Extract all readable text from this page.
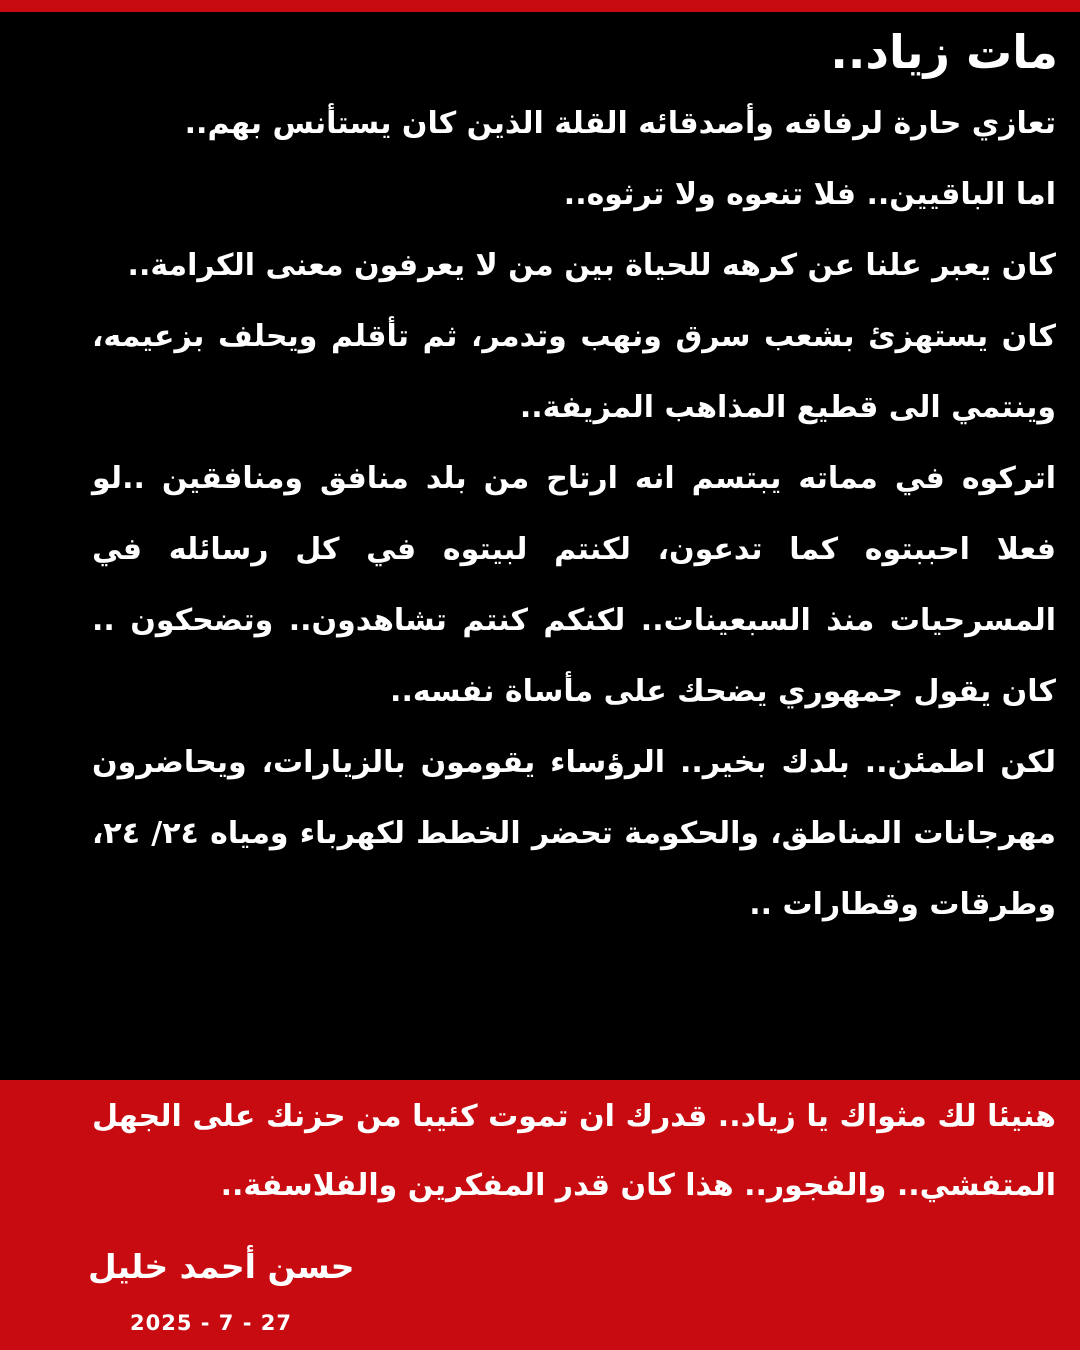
مات زياد..

تعازي حارة لرفاقه وأصدقائه القلة الذين كان يستأنس بهم..

اما الباقيين.. فلا تنعوه ولا ترثوه..

كان يعبر علنا عن كرهه للحياة بين من لا يعرفون معنى الكرامة..

كان يستهزئ بشعب سرق ونهب وتدمر، ثم تأقلم ويحلف بزعيمه، وينتمي الى قطيع المذاهب المزيفة..

اتركوه في مماته يبتسم انه ارتاح من بلد منافق ومنافقين ..لو فعلا احببتوه كما تدعون، لكنتم لبيتوه في كل رسائله في المسرحيات منذ السبعينات.. لكنكم كنتم تشاهدون.. وتضحكون .. كان يقول جمهوري يضحك على مأساة نفسه..

لكن اطمئن.. بلدك بخير.. الرؤساء يقومون بالزيارات، ويحاضرون مهرجانات المناطق، والحكومة تحضر الخطط لكهرباء ومياه ٢٤/ ٢٤، وطرقات وقطارات ..

هنيئا لك مثواك يا زياد.. قدرك ان تموت كئيبا من حزنك على الجهل المتفشي.. والفجور.. هذا كان قدر المفكرين والفلاسفة..

حسن أحمد خليل
2025 - 7 - 27
